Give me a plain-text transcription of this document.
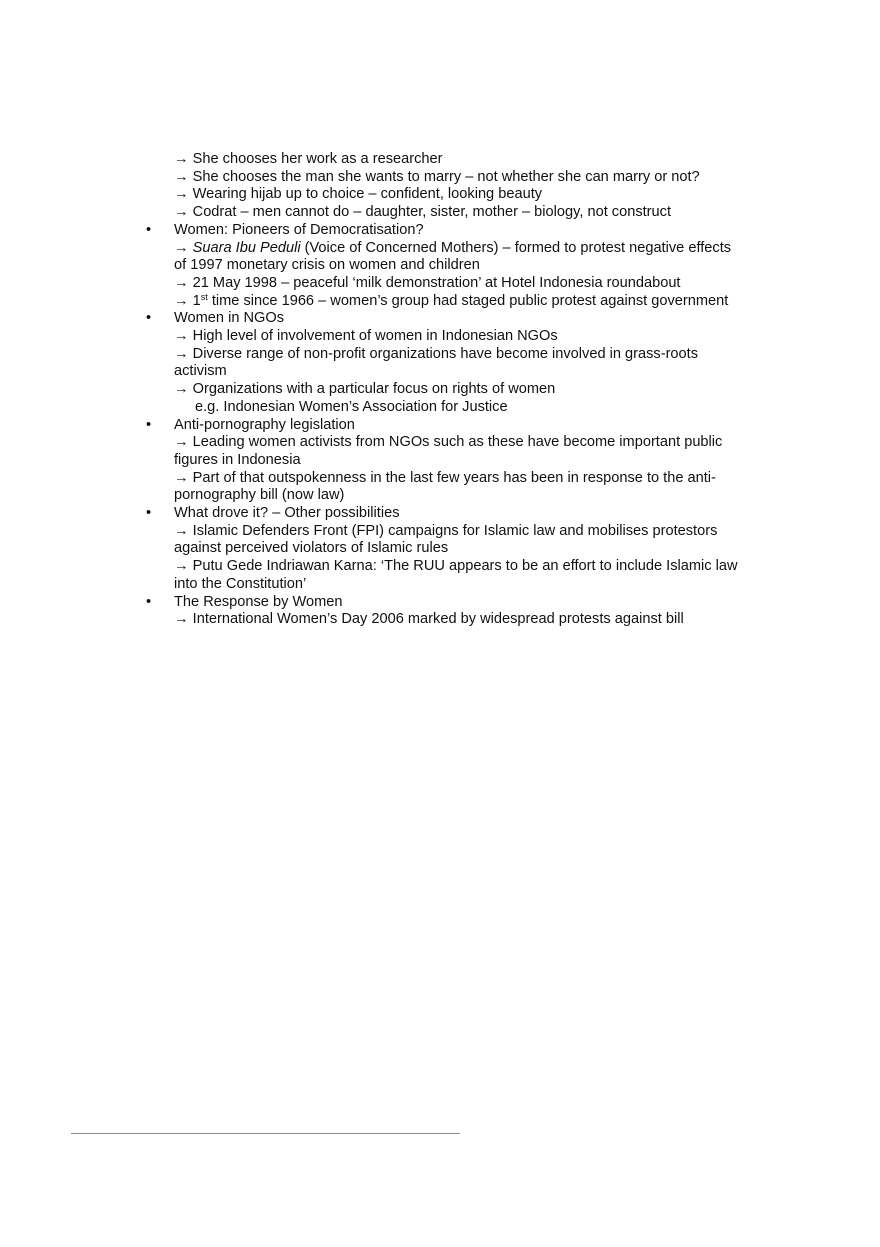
→ She chooses her work as a researcher
→ She chooses the man she wants to marry – not whether she can marry or not?
→ Wearing hijab up to choice – confident, looking beauty
→ Codrat – men cannot do – daughter, sister, mother – biology, not construct
• Women: Pioneers of Democratisation?
→ Suara Ibu Peduli (Voice of Concerned Mothers) – formed to protest negative effects of 1997 monetary crisis on women and children
→ 21 May 1998 – peaceful ‘milk demonstration’ at Hotel Indonesia roundabout
→ 1st time since 1966 – women’s group had staged public protest against government
• Women in NGOs
→ High level of involvement of women in Indonesian NGOs
→ Diverse range of non-profit organizations have become involved in grass-roots activism
→ Organizations with a particular focus on rights of women
e.g. Indonesian Women’s Association for Justice
• Anti-pornography legislation
→ Leading women activists from NGOs such as these have become important public figures in Indonesia
→ Part of that outspokenness in the last few years has been in response to the anti-pornography bill (now law)
• What drove it? – Other possibilities
→ Islamic Defenders Front (FPI) campaigns for Islamic law and mobilises protestors against perceived violators of Islamic rules
→ Putu Gede Indriawan Karna: ‘The RUU appears to be an effort to include Islamic law into the Constitution’
• The Response by Women
→ International Women’s Day 2006 marked by widespread protests against bill
